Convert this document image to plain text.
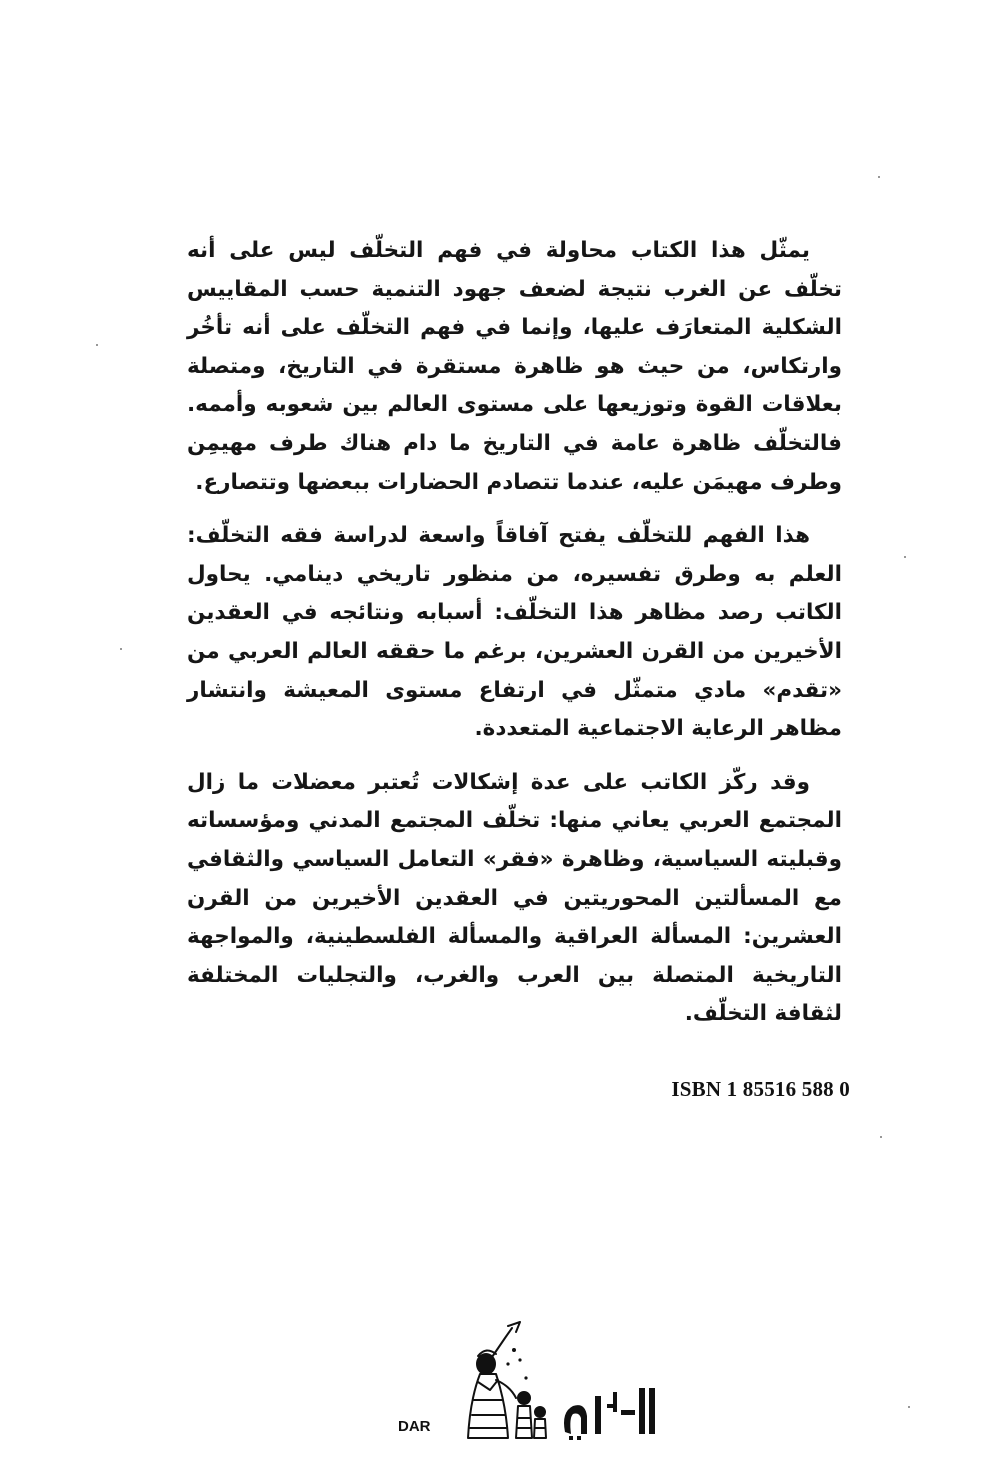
يمثّل هذا الكتاب محاولة في فهم التخلّف ليس على أنه تخلّف عن الغرب نتيجة لضعف جهود التنمية حسب المقاييس الشكلية المتعارَف عليها، وإنما في فهم التخلّف على أنه تأخُر وارتكاس، من حيث هو ظاهرة مستقرة في التاريخ، ومتصلة بعلاقات القوة وتوزيعها على مستوى العالم بين شعوبه وأممه. فالتخلّف ظاهرة عامة في التاريخ ما دام هناك طرف مهيمِن وطرف مهيمَن عليه، عندما تتصادم الحضارات ببعضها وتتصارع.

هذا الفهم للتخلّف يفتح آفاقاً واسعة لدراسة فقه التخلّف: العلم به وطرق تفسيره، من منظور تاريخي دينامي. يحاول الكاتب رصد مظاهر هذا التخلّف: أسبابه ونتائجه في العقدين الأخيرين من القرن العشرين، برغم ما حققه العالم العربي من «تقدم» مادي متمثّل في ارتفاع مستوى المعيشة وانتشار مظاهر الرعاية الاجتماعية المتعددة.

وقد ركّز الكاتب على عدة إشكالات تُعتبر معضلات ما زال المجتمع العربي يعاني منها: تخلّف المجتمع المدني ومؤسساته وقبليته السياسية، وظاهرة «فقر» التعامل السياسي والثقافي مع المسألتين المحوريتين في العقدين الأخيرين من القرن العشرين: المسألة العراقية والمسألة الفلسطينية، والمواجهة التاريخية المتصلة بين العرب والغرب، والتجليات المختلفة لثقافة التخلّف.

ISBN 1 85516 588 0
DAR
